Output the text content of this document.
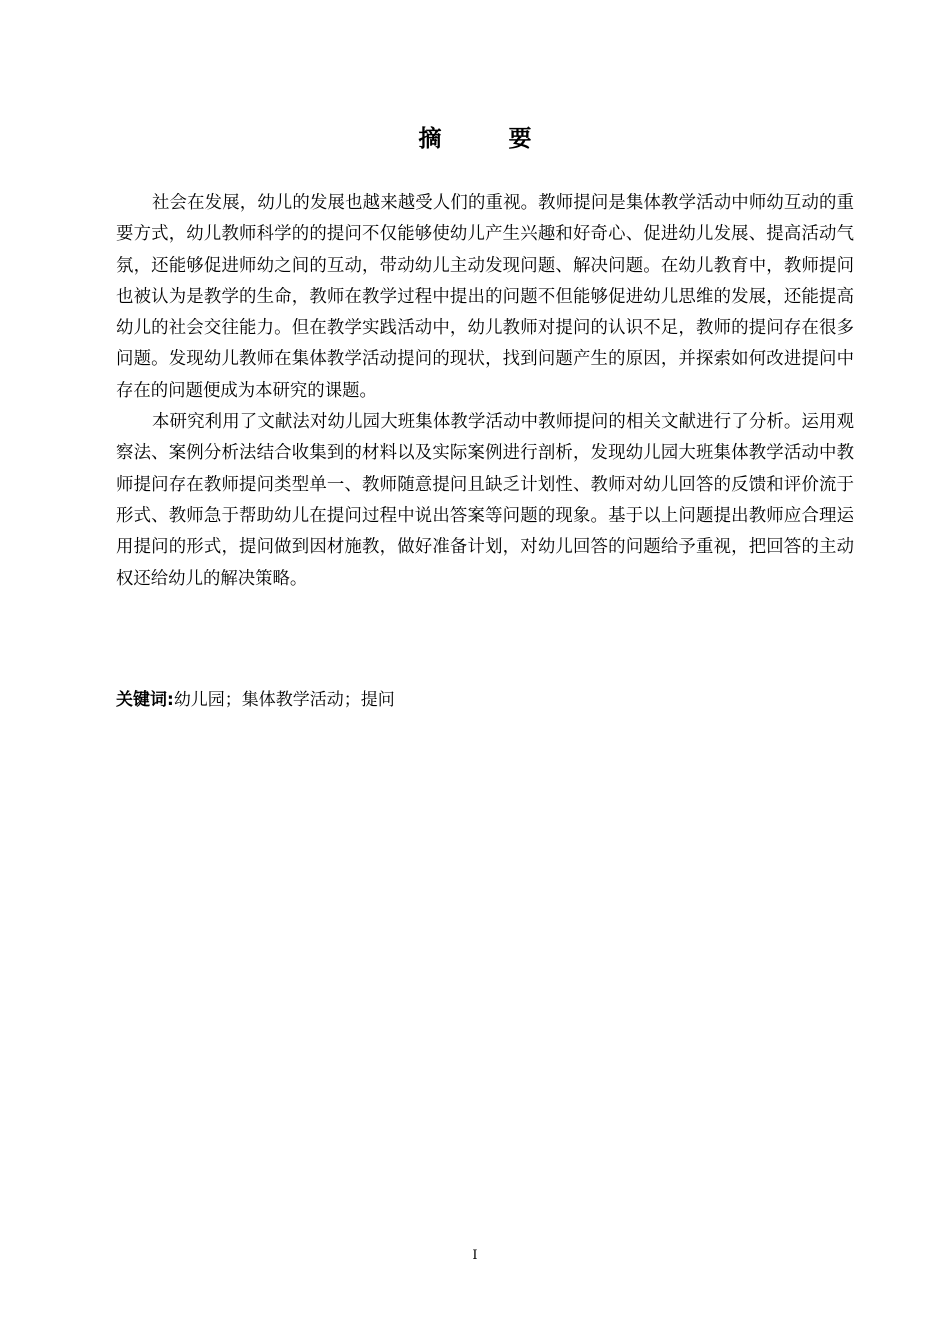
摘　要

社会在发展，幼儿的发展也越来越受人们的重视。教师提问是集体教学活动中师幼互动的重要方式，幼儿教师科学的的提问不仅能够使幼儿产生兴趣和好奇心、促进幼儿发展、提高活动气氛，还能够促进师幼之间的互动，带动幼儿主动发现问题、解决问题。在幼儿教育中，教师提问也被认为是教学的生命，教师在教学过程中提出的问题不但能够促进幼儿思维的发展，还能提高幼儿的社会交往能力。但在教学实践活动中，幼儿教师对提问的认识不足，教师的提问存在很多问题。发现幼儿教师在集体教学活动提问的现状，找到问题产生的原因，并探索如何改进提问中存在的问题便成为本研究的课题。

本研究利用了文献法对幼儿园大班集体教学活动中教师提问的相关文献进行了分析。运用观察法、案例分析法结合收集到的材料以及实际案例进行剖析，发现幼儿园大班集体教学活动中教师提问存在教师提问类型单一、教师随意提问且缺乏计划性、教师对幼儿回答的反馈和评价流于形式、教师急于帮助幼儿在提问过程中说出答案等问题的现象。基于以上问题提出教师应合理运用提问的形式，提问做到因材施教，做好准备计划，对幼儿回答的问题给予重视，把回答的主动权还给幼儿的解决策略。

关键词:幼儿园；集体教学活动；提问
I
